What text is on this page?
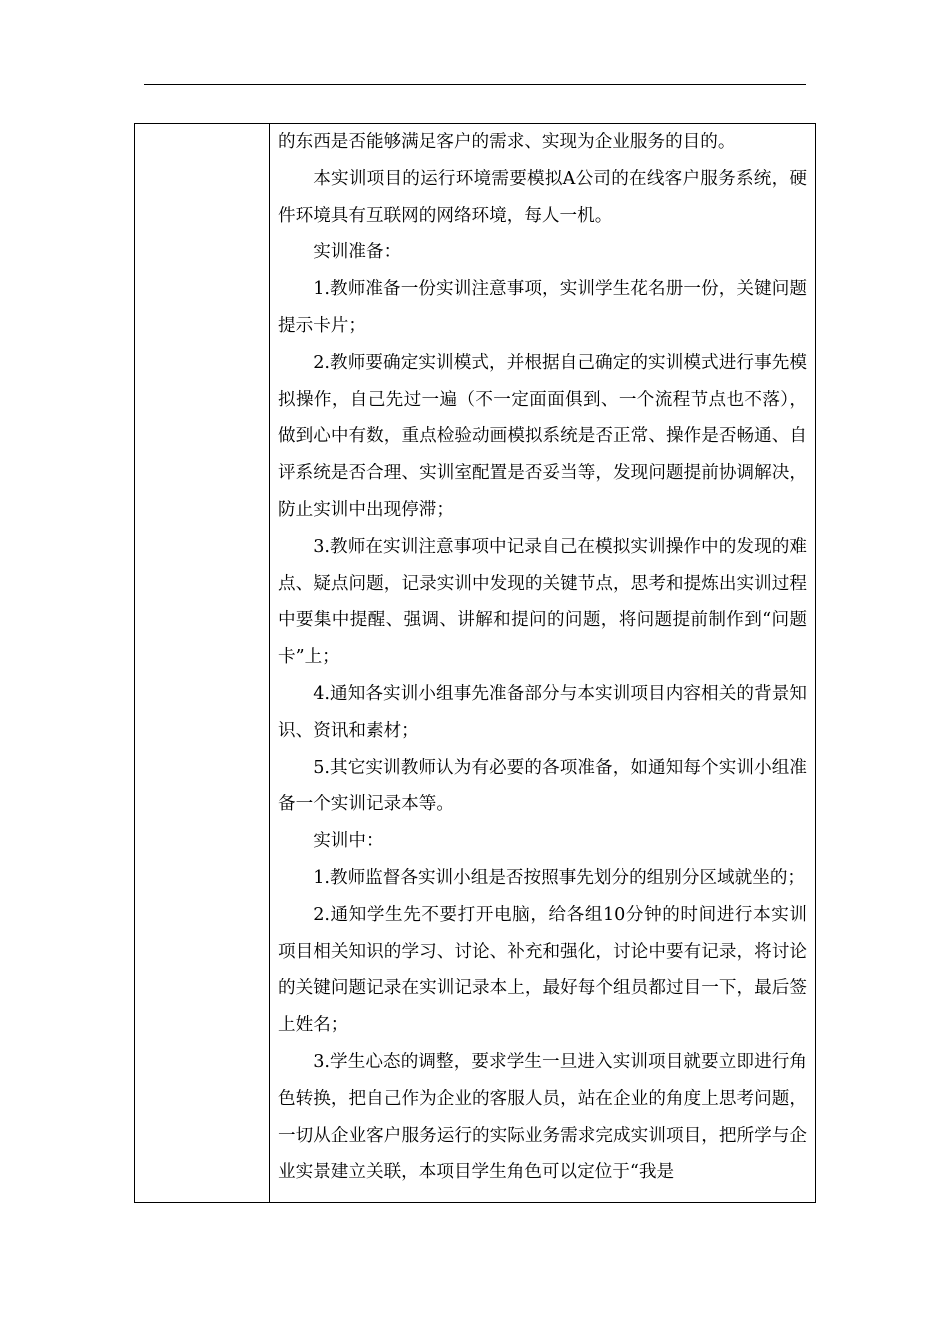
的东西是否能够满足客户的需求、实现为企业服务的目的。

本实训项目的运行环境需要模拟A公司的在线客户服务系统，硬件环境具有互联网的网络环境，每人一机。

实训准备：

1.教师准备一份实训注意事项，实训学生花名册一份，关键问题提示卡片；

2.教师要确定实训模式，并根据自己确定的实训模式进行事先模拟操作，自己先过一遍（不一定面面俱到、一个流程节点也不落），做到心中有数，重点检验动画模拟系统是否正常、操作是否畅通、自评系统是否合理、实训室配置是否妥当等，发现问题提前协调解决，防止实训中出现停滞；

3.教师在实训注意事项中记录自己在模拟实训操作中的发现的难点、疑点问题，记录实训中发现的关键节点，思考和提炼出实训过程中要集中提醒、强调、讲解和提问的问题，将问题提前制作到“问题卡”上；

4.通知各实训小组事先准备部分与本实训项目内容相关的背景知识、资讯和素材；

5.其它实训教师认为有必要的各项准备，如通知每个实训小组准备一个实训记录本等。

实训中：

1.教师监督各实训小组是否按照事先划分的组别分区域就坐的；

2.通知学生先不要打开电脑，给各组10分钟的时间进行本实训项目相关知识的学习、讨论、补充和强化，讨论中要有记录，将讨论的关键问题记录在实训记录本上，最好每个组员都过目一下，最后签上姓名；

3.学生心态的调整，要求学生一旦进入实训项目就要立即进行角色转换，把自己作为企业的客服人员，站在企业的角度上思考问题，一切从企业客户服务运行的实际业务需求完成实训项目，把所学与企业实景建立关联，本项目学生角色可以定位于“我是
